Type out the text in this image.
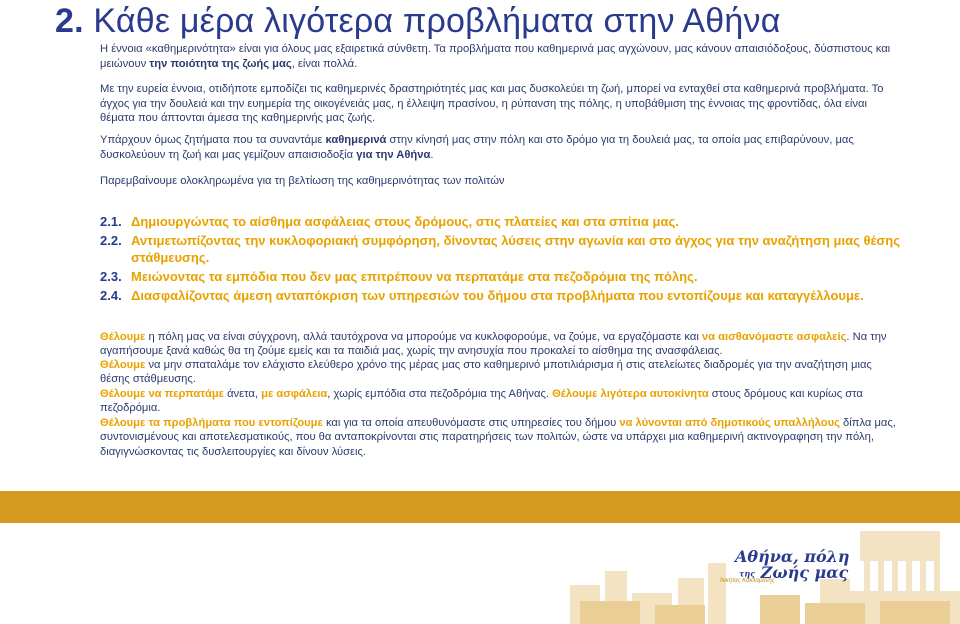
2. Κάθε μέρα λιγότερα προβλήματα στην Αθήνα

Η έννοια «καθημερινότητα» είναι για όλους μας εξαιρετικά σύνθετη. Τα προβλήματα που καθημερινά μας αγχώνουν, μας κάνουν απαισιόδοξους, δύσπιστους και μειώνουν την ποιότητα της ζωής μας, είναι πολλά.

Με την ευρεία έννοια, οτιδήποτε εμποδίζει τις καθημερινές δραστηριότητές μας και μας δυσκολεύει τη ζωή, μπορεί να ενταχθεί στα καθημερινά προβλήματα. Το άγχος για την δουλειά και την ευημερία της οικογένειάς μας, η έλλειψη πρασίνου, η ρύπανση της πόλης, η υποβάθμιση της έννοιας της φροντίδας, όλα είναι θέματα που άπτονται άμεσα της καθημερινής μας ζωής.

Υπάρχουν όμως ζητήματα που τα συναντάμε καθημερινά στην κίνησή μας στην πόλη και στο δρόμο για τη δουλειά μας, τα οποία μας επιβαρύνουν, μας δυσκολεύουν τη ζωή και μας γεμίζουν απαισιοδοξία για την Αθήνα.

Παρεμβαίνουμε ολοκληρωμένα για τη βελτίωση της καθημερινότητας των πολιτών

2.1. Δημιουργώντας το αίσθημα ασφάλειας στους δρόμους, στις πλατείες και στα σπίτια μας.
2.2. Αντιμετωπίζοντας την κυκλοφοριακή συμφόρηση, δίνοντας λύσεις στην αγωνία και στο άγχος για την αναζήτηση μιας θέσης στάθμευσης.
2.3. Μειώνοντας τα εμπόδια που δεν μας επιτρέπουν να περπατάμε στα πεζοδρόμια της πόλης.
2.4. Διασφαλίζοντας άμεση ανταπόκριση των υπηρεσιών του δήμου στα προβλήματα που εντοπίζουμε και καταγγέλλουμε.

Θέλουμε η πόλη μας να είναι σύγχρονη, αλλά ταυτόχρονα να μπορούμε να κυκλοφορούμε, να ζούμε, να εργαζόμαστε και να αισθανόμαστε ασφαλείς. Να την αγαπήσουμε ξανά καθώς θα τη ζούμε εμείς και τα παιδιά μας, χωρίς την ανησυχία που προκαλεί το αίσθημα της ανασφάλειας.

Θέλουμε να μην σπαταλάμε τον ελάχιστο ελεύθερο χρόνο της μέρας μας στο καθημερινό μποτιλιάρισμα ή στις ατελείωτες διαδρομές για την αναζήτηση μιας θέσης στάθμευσης.

Θέλουμε να περπατάμε άνετα, με ασφάλεια, χωρίς εμπόδια στα πεζοδρόμια της Αθήνας. Θέλουμε λιγότερα αυτοκίνητα στους δρόμους και κυρίως στα πεζοδρόμια.

Θέλουμε τα προβλήματα που εντοπίζουμε και για τα οποία απευθυνόμαστε στις υπηρεσίες του δήμου να λύνονται από δημοτικούς υπαλλήλους δίπλα μας, συντονισμένους και αποτελεσματικούς, που θα ανταποκρίνονται στις παρατηρήσεις των πολιτών, ώστε να υπάρχει μια καθημερινή ακτινογραφηση την πόλη, διαγιγνώσκοντας τις δυσλειτουργίες και δίνουν λύσεις.

Αθήνα, πόλη
της Ζωής μας
Νικήτας Κακλαμάνης
